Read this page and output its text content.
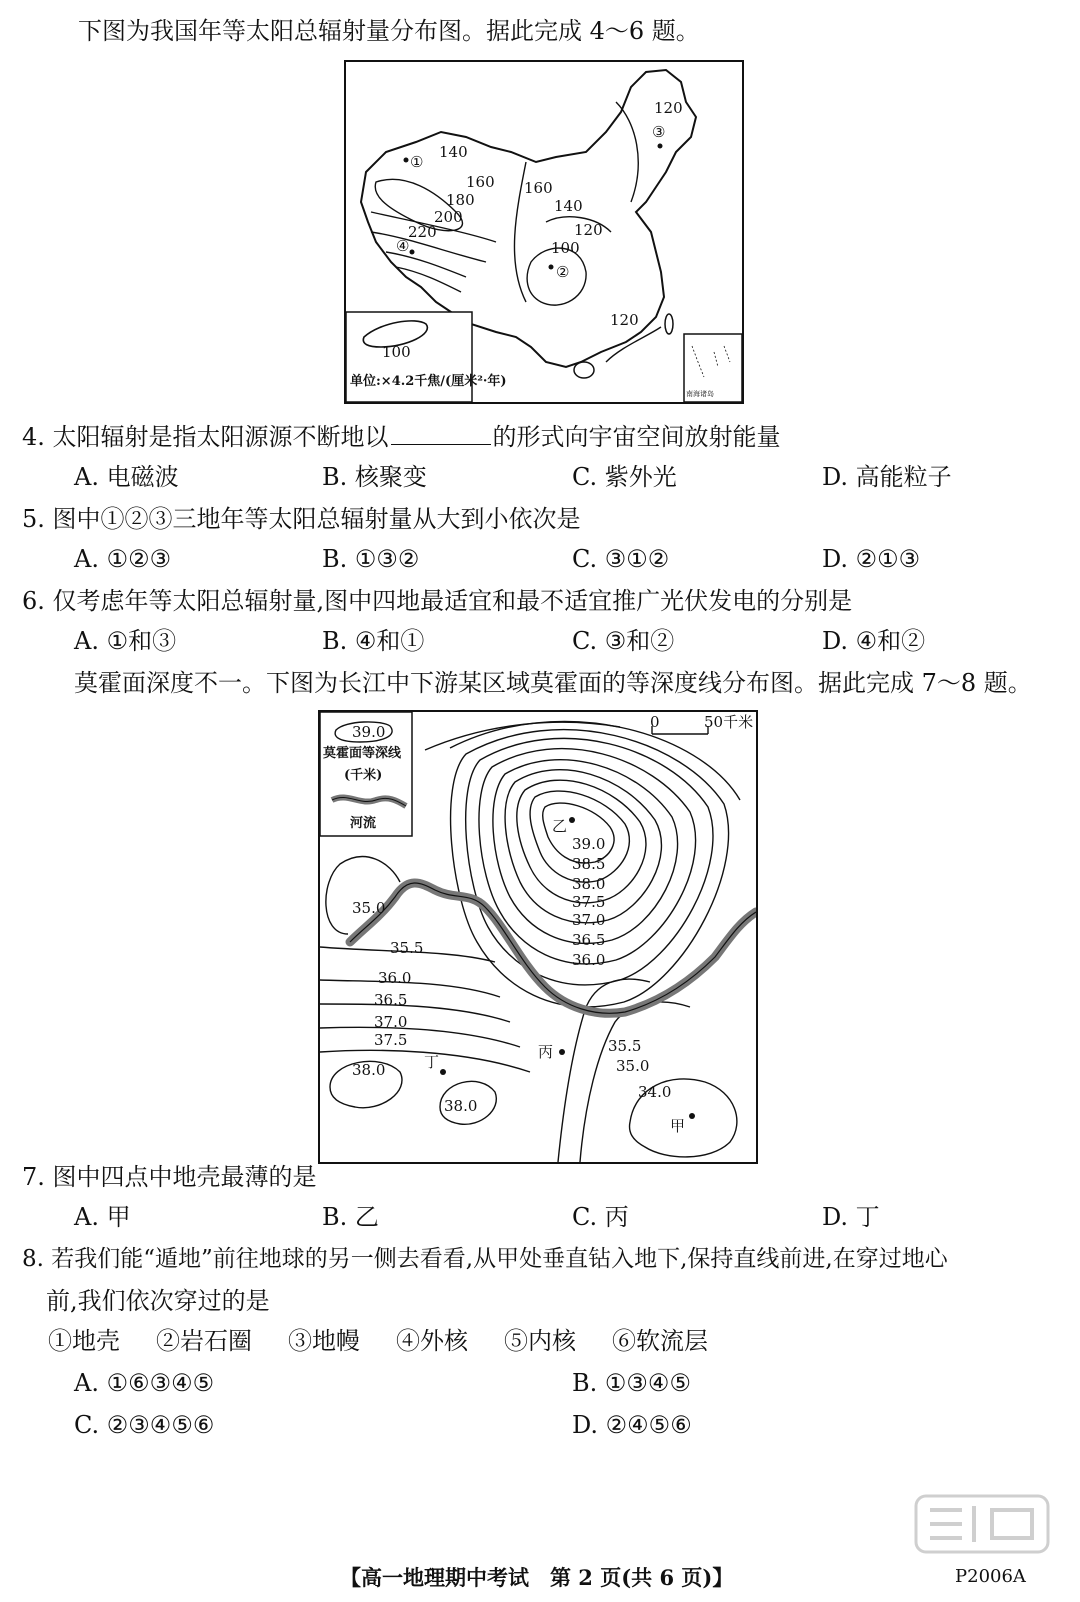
下图为我国年等太阳总辐射量分布图。据此完成 4～6 题。
140
160
180
200
220
160
140
120
100
120
120
①
②
③
④
100
单位:×4.2千焦/(厘米²·年)
南海诸岛
4. 太阳辐射是指太阳源源不断地以	的形式向宇宙空间放射能量
A. 电磁波	B. 核聚变	C. 紫外光	D. 高能粒子
5. 图中①②③三地年等太阳总辐射量从大到小依次是
A. ①②③	B. ①③②	C. ③①②	D. ②①③
6. 仅考虑年等太阳总辐射量,图中四地最适宜和最不适宜推广光伏发电的分别是
A. ①和③	B. ④和①	C. ③和②	D. ④和②
莫霍面深度不一。下图为长江中下游某区域莫霍面的等深度线分布图。据此完成 7～8 题。
39.0
莫霍面等深线
(千米)
河流
0	50千米
39.0
38.5
38.0
37.5
37.0
36.5
36.0
35.0
35.5
36.0
36.5
37.0
37.5
38.0
38.0
35.5
35.0
34.0
乙
丙
丁
甲
7. 图中四点中地壳最薄的是
A. 甲	B. 乙	C. 丙	D. 丁
8. 若我们能“遁地”前往地球的另一侧去看看,从甲处垂直钻入地下,保持直线前进,在穿过地心
前,我们依次穿过的是
①地壳 ②岩石圈 ③地幔 ④外核 ⑤内核 ⑥软流层
A. ①⑥③④⑤	B. ①③④⑤
C. ②③④⑤⑥	D. ②④⑤⑥
【高一地理期中考试　第 2 页(共 6 页)】	P2006A
